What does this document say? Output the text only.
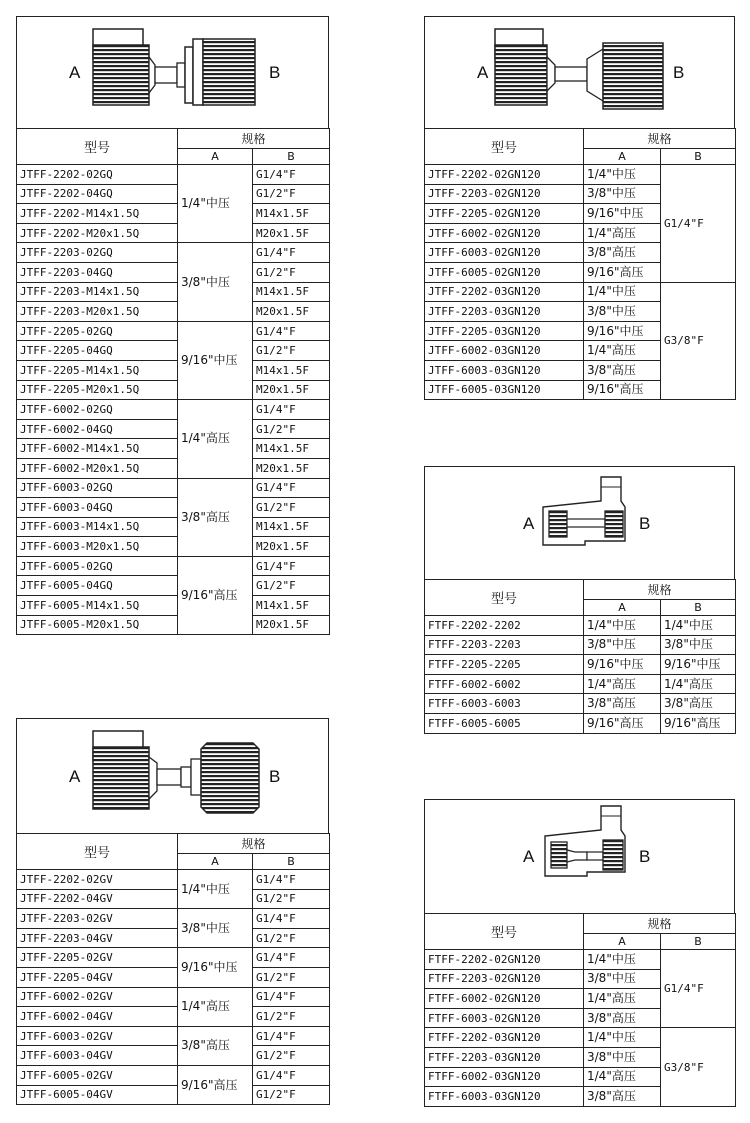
A	B
型号	规格	
	A	B
JTFF-2202-02GQ	1/4"中压	G1/4"F
JTFF-2202-04GQ		G1/2"F
JTFF-2202-M14x1.5Q		M14x1.5F
JTFF-2202-M20x1.5Q		M20x1.5F
JTFF-2203-02GQ	3/8"中压	G1/4"F
JTFF-2203-04GQ		G1/2"F
JTFF-2203-M14x1.5Q		M14x1.5F
JTFF-2203-M20x1.5Q		M20x1.5F
JTFF-2205-02GQ	9/16"中压	G1/4"F
JTFF-2205-04GQ		G1/2"F
JTFF-2205-M14x1.5Q		M14x1.5F
JTFF-2205-M20x1.5Q		M20x1.5F
JTFF-6002-02GQ	1/4"高压	G1/4"F
JTFF-6002-04GQ		G1/2"F
JTFF-6002-M14x1.5Q		M14x1.5F
JTFF-6002-M20x1.5Q		M20x1.5F
JTFF-6003-02GQ	3/8"高压	G1/4"F
JTFF-6003-04GQ		G1/2"F
JTFF-6003-M14x1.5Q		M14x1.5F
JTFF-6003-M20x1.5Q		M20x1.5F
JTFF-6005-02GQ	9/16"高压	G1/4"F
JTFF-6005-04GQ		G1/2"F
JTFF-6005-M14x1.5Q		M14x1.5F
JTFF-6005-M20x1.5Q		M20x1.5F
A	B
型号	规格	
	A	B
JTFF-2202-02GV	1/4"中压	G1/4"F
JTFF-2202-04GV		G1/2"F
JTFF-2203-02GV	3/8"中压	G1/4"F
JTFF-2203-04GV		G1/2"F
JTFF-2205-02GV	9/16"中压	G1/4"F
JTFF-2205-04GV		G1/2"F
JTFF-6002-02GV	1/4"高压	G1/4"F
JTFF-6002-04GV		G1/2"F
JTFF-6003-02GV	3/8"高压	G1/4"F
JTFF-6003-04GV		G1/2"F
JTFF-6005-02GV	9/16"高压	G1/4"F
JTFF-6005-04GV		G1/2"F
A	B
型号	规格	
	A	B
JTFF-2202-02GN120	1/4"中压	G1/4"F
JTFF-2203-02GN120	3/8"中压	
JTFF-2205-02GN120	9/16"中压	
JTFF-6002-02GN120	1/4"高压	
JTFF-6003-02GN120	3/8"高压	
JTFF-6005-02GN120	9/16"高压	
JTFF-2202-03GN120	1/4"中压	G3/8"F
JTFF-2203-03GN120	3/8"中压	
JTFF-2205-03GN120	9/16"中压	
JTFF-6002-03GN120	1/4"高压	
JTFF-6003-03GN120	3/8"高压	
JTFF-6005-03GN120	9/16"高压	
A	B
型号	规格	
	A	B
FTFF-2202-2202	1/4"中压	1/4"中压
FTFF-2203-2203	3/8"中压	3/8"中压
FTFF-2205-2205	9/16"中压	9/16"中压
FTFF-6002-6002	1/4"高压	1/4"高压
FTFF-6003-6003	3/8"高压	3/8"高压
FTFF-6005-6005	9/16"高压	9/16"高压
A	B
型号	规格	
	A	B
FTFF-2202-02GN120	1/4"中压	G1/4"F
FTFF-2203-02GN120	3/8"中压	
FTFF-6002-02GN120	1/4"高压	
FTFF-6003-02GN120	3/8"高压	
FTFF-2202-03GN120	1/4"中压	G3/8"F
FTFF-2203-03GN120	3/8"中压	
FTFF-6002-03GN120	1/4"高压	
FTFF-6003-03GN120	3/8"高压	
